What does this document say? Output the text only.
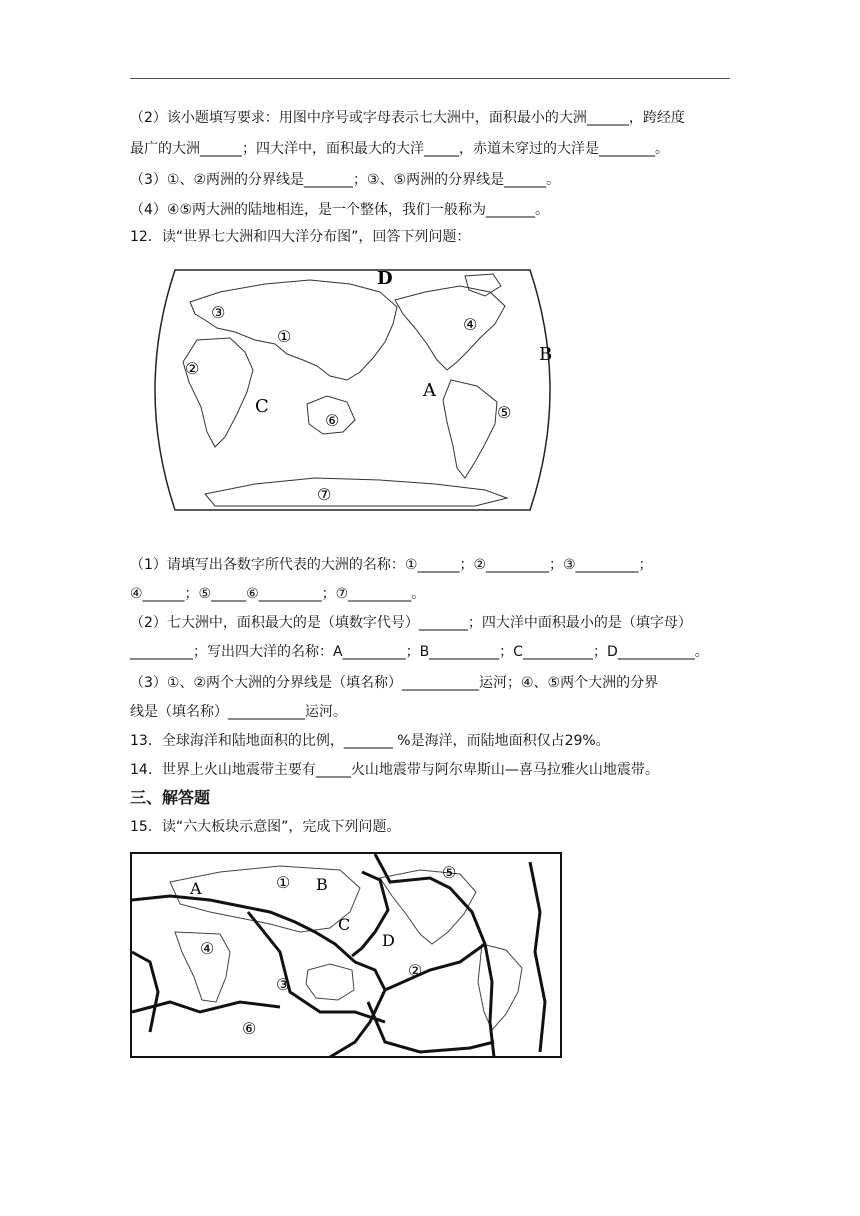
（2）该小题填写要求：用图中序号或字母表示七大洲中，面积最小的大洲______，跨经度
最广的大洲______；四大洋中，面积最大的大洋_____，赤道未穿过的大洋是________。
（3）①、②两洲的分界线是_______；③、⑤两洲的分界线是______。
（4）④⑤两大洲的陆地相连，是一个整体，我们一般称为_______。
12．读“世界七大洲和四大洋分布图”，回答下列问题：
D
B
A
C
①
②
③
④
⑤
⑥
⑦
（1）请填写出各数字所代表的大洲的名称：①______；②_________；③_________；
④______；⑤_____⑥_________；⑦_________。
（2）七大洲中，面积最大的是（填数字代号）_______；四大洋中面积最小的是（填字母）
_________；写出四大洋的名称：A_________；B__________；C__________；D___________。
（3）①、②两个大洲的分界线是（填名称）___________运河；④、⑤两个大洲的分界
线是（填名称）___________运河。
13．全球海洋和陆地面积的比例，_______ %是海洋，而陆地面积仅占29%。
14．世界上火山地震带主要有_____火山地震带与阿尔卑斯山—喜马拉雅火山地震带。
三、解答题
15．读“六大板块示意图”，完成下列问题。
① B
⑤
A
C
D
④
③
②
⑥
